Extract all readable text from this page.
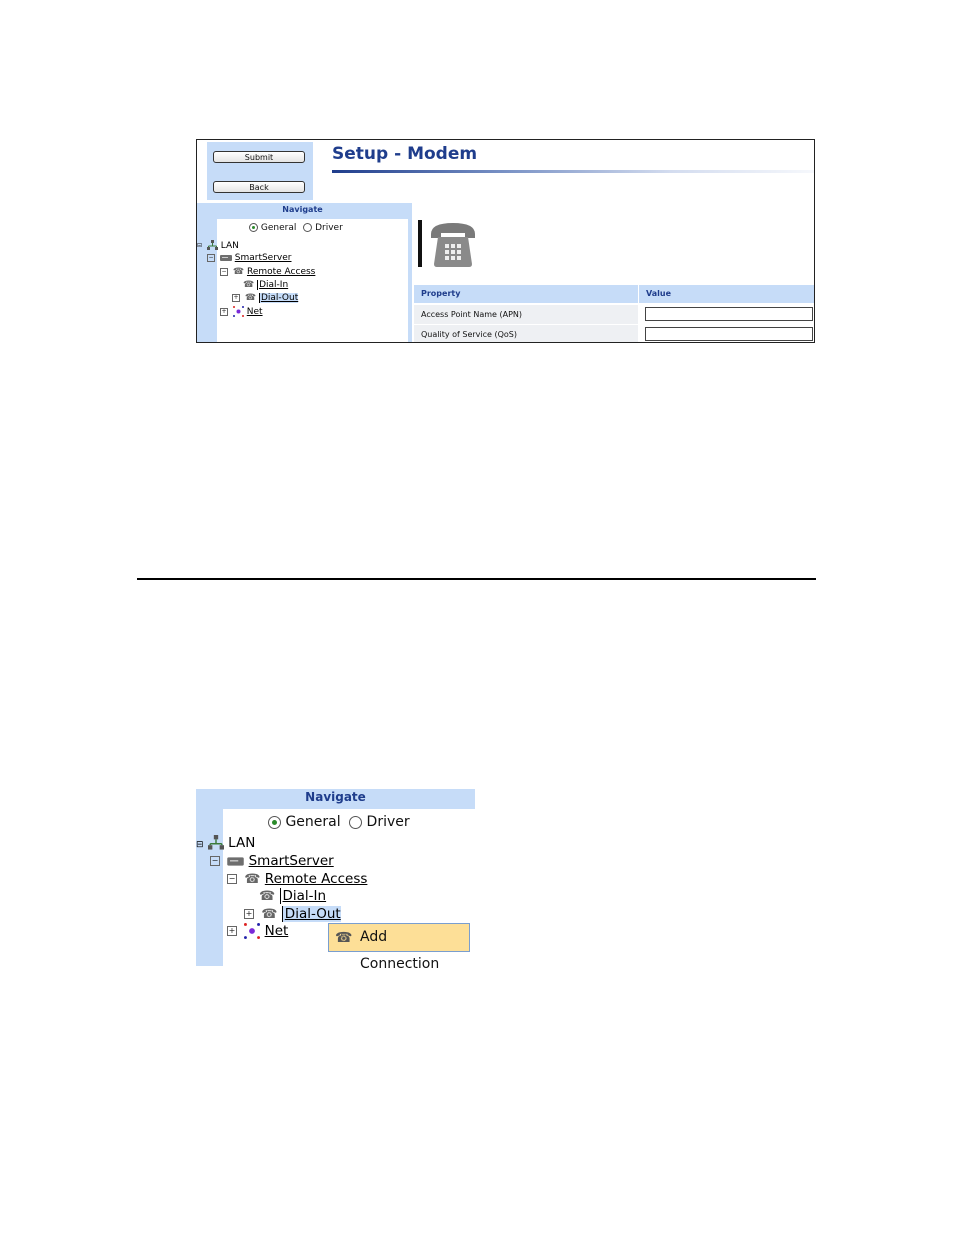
Submit
Back
Setup - Modem
Navigate
General Driver
⊟ LAN
− SmartServer
− ☎ Remote Access
☎ Dial-In
+ ☎ Dial-Out
+ Net
Property	Value
Access Point Name (APN)
Quality of Service (QoS)
Navigate
General Driver
⊟ LAN
− SmartServer
− ☎ Remote Access
☎ Dial-In
+ ☎ Dial-Out
+ Net	☎ Add Connection
